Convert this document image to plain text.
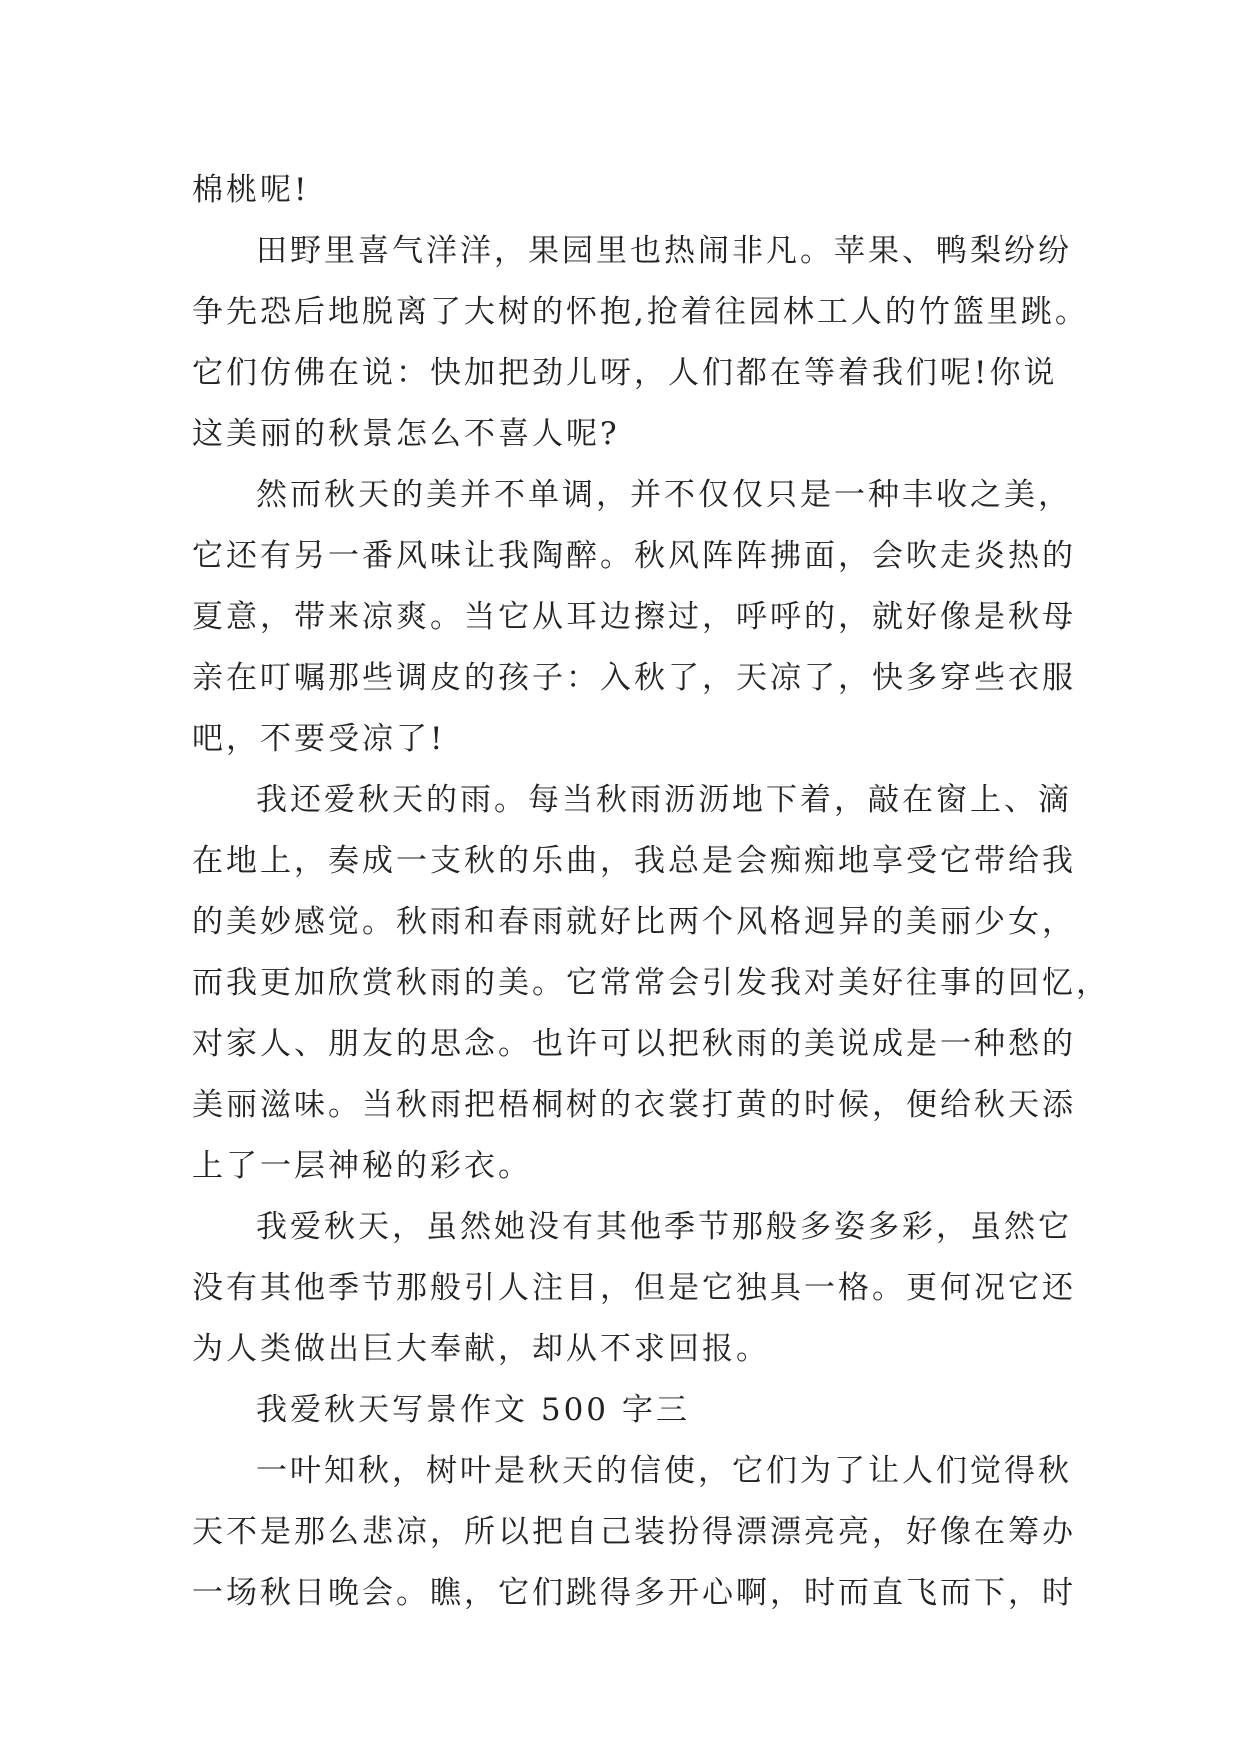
棉桃呢!
田野里喜气洋洋，果园里也热闹非凡。苹果、鸭梨纷纷
争先恐后地脱离了大树的怀抱,抢着往园林工人的竹篮里跳。
它们仿佛在说：快加把劲儿呀，人们都在等着我们呢!你说
这美丽的秋景怎么不喜人呢?
然而秋天的美并不单调，并不仅仅只是一种丰收之美，
它还有另一番风味让我陶醉。秋风阵阵拂面，会吹走炎热的
夏意，带来凉爽。当它从耳边擦过，呼呼的，就好像是秋母
亲在叮嘱那些调皮的孩子：入秋了，天凉了，快多穿些衣服
吧，不要受凉了!
我还爱秋天的雨。每当秋雨沥沥地下着，敲在窗上、滴
在地上，奏成一支秋的乐曲，我总是会痴痴地享受它带给我
的美妙感觉。秋雨和春雨就好比两个风格迥异的美丽少女，
而我更加欣赏秋雨的美。它常常会引发我对美好往事的回忆，
对家人、朋友的思念。也许可以把秋雨的美说成是一种愁的
美丽滋味。当秋雨把梧桐树的衣裳打黄的时候，便给秋天添
上了一层神秘的彩衣。
我爱秋天，虽然她没有其他季节那般多姿多彩，虽然它
没有其他季节那般引人注目，但是它独具一格。更何况它还
为人类做出巨大奉献，却从不求回报。
我爱秋天写景作文 500 字三
一叶知秋，树叶是秋天的信使，它们为了让人们觉得秋
天不是那么悲凉，所以把自己装扮得漂漂亮亮，好像在筹办
一场秋日晚会。瞧，它们跳得多开心啊，时而直飞而下，时
